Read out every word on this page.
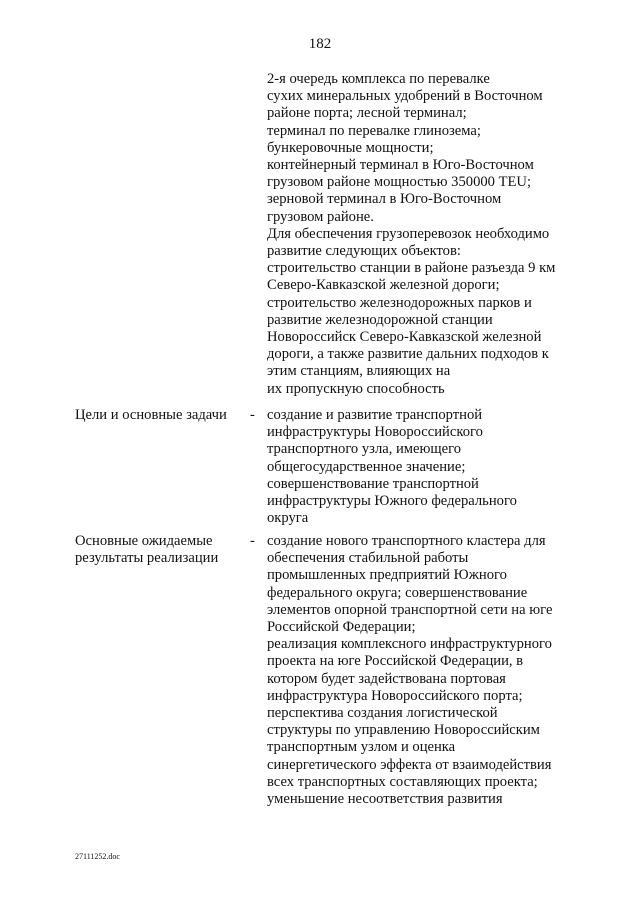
182
2-я очередь комплекса по перевалке
сухих минеральных удобрений в Восточном
районе порта; лесной терминал;
терминал по перевалке глинозема;
бункеровочные мощности;
контейнерный терминал в Юго-Восточном
грузовом районе мощностью 350000 TEU;
зерновой терминал в Юго-Восточном
грузовом районе.
Для обеспечения грузоперевозок необходимо
развитие следующих объектов:
строительство станции в районе разъезда 9 км
Северо-Кавказской железной дороги;
строительство железнодорожных парков и
развитие железнодорожной станции
Новороссийск Северо-Кавказской железной
дороги, а также развитие дальних подходов к
этим станциям, влияющих на
их пропускную способность
Цели и основные задачи - создание и развитие транспортной
инфраструктуры Новороссийского
транспортного узла, имеющего
общегосударственное значение;
совершенствование транспортной
инфраструктуры Южного федерального
округа
Основные ожидаемые
результаты реализации
- создание нового транспортного кластера для
обеспечения стабильной работы
промышленных предприятий Южного
федерального округа; совершенствование
элементов опорной транспортной сети на юге
Российской Федерации;
реализация комплексного инфраструктурного
проекта на юге Российской Федерации, в
котором будет задействована портовая
инфраструктура Новороссийского порта;
перспектива создания логистической
структуры по управлению Новороссийским
транспортным узлом и оценка
синергетического эффекта от взаимодействия
всех транспортных составляющих проекта;
уменьшение несоответствия развития
27111252.doc
